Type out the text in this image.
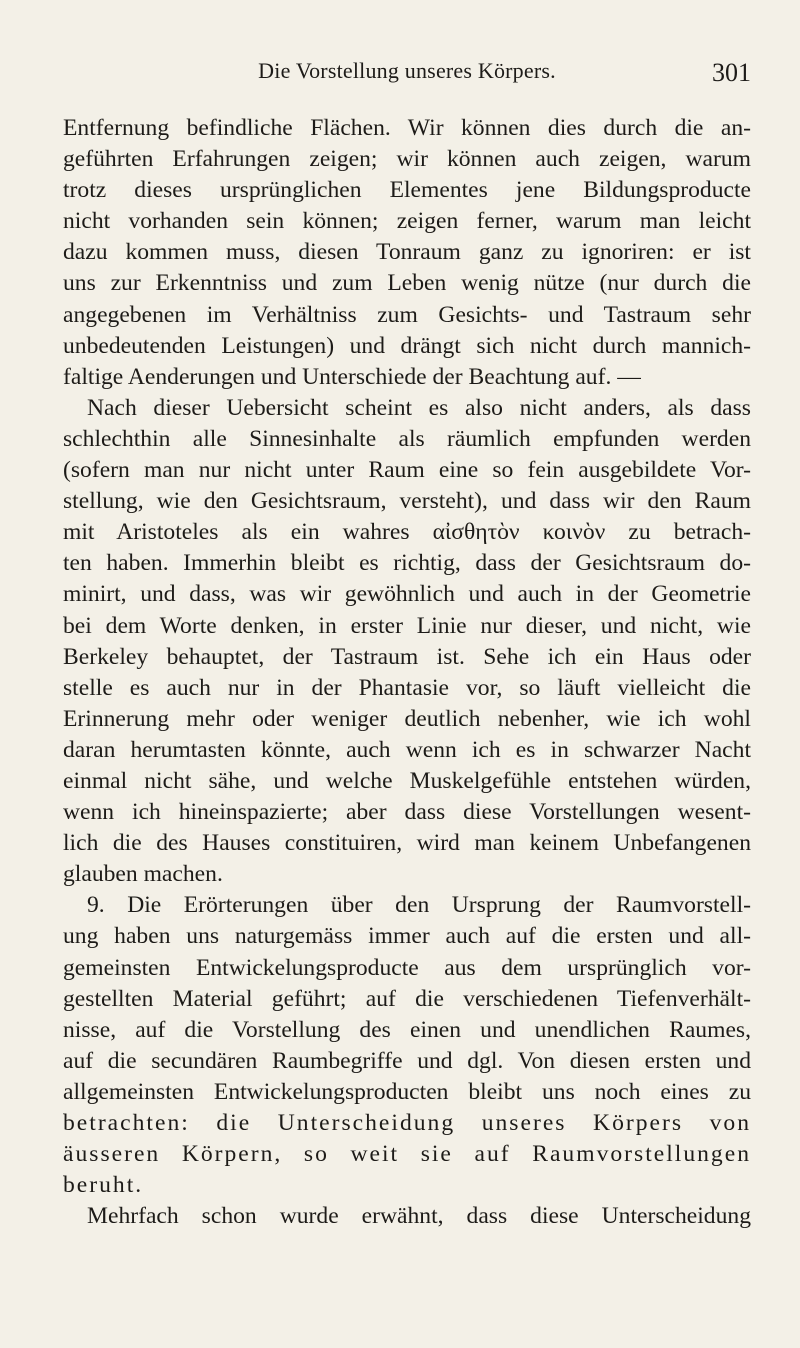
Die Vorstellung unseres Körpers.	301
Entfernung befindliche Flächen. Wir können dies durch die an-
geführten Erfahrungen zeigen; wir können auch zeigen, warum
trotz dieses ursprünglichen Elementes jene Bildungsproducte
nicht vorhanden sein können; zeigen ferner, warum man leicht
dazu kommen muss, diesen Tonraum ganz zu ignoriren: er ist
uns zur Erkenntniss und zum Leben wenig nütze (nur durch die
angegebenen im Verhältniss zum Gesichts- und Tastraum sehr
unbedeutenden Leistungen) und drängt sich nicht durch mannich-
faltige Aenderungen und Unterschiede der Beachtung auf. —
Nach dieser Uebersicht scheint es also nicht anders, als dass
schlechthin alle Sinnesinhalte als räumlich empfunden werden
(sofern man nur nicht unter Raum eine so fein ausgebildete Vor-
stellung, wie den Gesichtsraum, versteht), und dass wir den Raum
mit Aristoteles als ein wahres αἰσθητὸν κοινὸν zu betrach-
ten haben. Immerhin bleibt es richtig, dass der Gesichtsraum do-
minirt, und dass, was wir gewöhnlich und auch in der Geometrie
bei dem Worte denken, in erster Linie nur dieser, und nicht, wie
Berkeley behauptet, der Tastraum ist. Sehe ich ein Haus oder
stelle es auch nur in der Phantasie vor, so läuft vielleicht die
Erinnerung mehr oder weniger deutlich nebenher, wie ich wohl
daran herumtasten könnte, auch wenn ich es in schwarzer Nacht
einmal nicht sähe, und welche Muskelgefühle entstehen würden,
wenn ich hineinspazierte; aber dass diese Vorstellungen wesent-
lich die des Hauses constituiren, wird man keinem Unbefangenen
glauben machen.
9. Die Erörterungen über den Ursprung der Raumvorstell-
ung haben uns naturgemäss immer auch auf die ersten und all-
gemeinsten Entwickelungsproducte aus dem ursprünglich vor-
gestellten Material geführt; auf die verschiedenen Tiefenverhält-
nisse, auf die Vorstellung des einen und unendlichen Raumes,
auf die secundären Raumbegriffe und dgl. Von diesen ersten und
allgemeinsten Entwickelungsproducten bleibt uns noch eines zu
betrachten: die Unterscheidung unseres Körpers von
äusseren Körpern, so weit sie auf Raumvorstellungen
beruht.
Mehrfach schon wurde erwähnt, dass diese Unterscheidung
